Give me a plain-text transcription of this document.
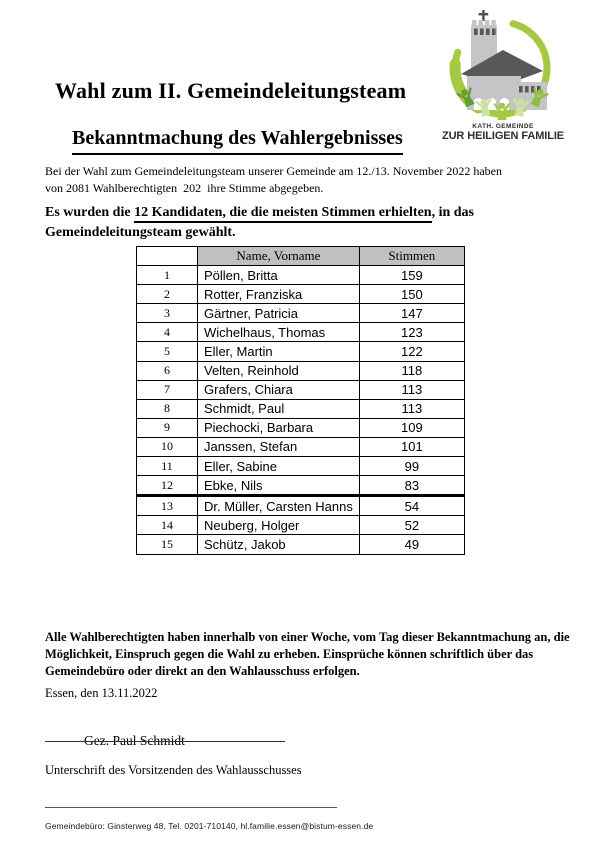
Wahl zum II. Gemeindeleitungsteam
Bekanntmachung des Wahlergebnisses
KATH. GEMEINDE
ZUR HEILIGEN FAMILIE

Bei der Wahl zum Gemeindeleitungsteam unserer Gemeinde am 12./13. November 2022 haben
von 2081 Wahlberechtigten  202  ihre Stimme abgegeben.

Es wurden die 12 Kandidaten, die die meisten Stimmen erhielten, in das
Gemeindeleitungsteam gewählt.

	Name, Vorname	Stimmen
1	Pöllen, Britta	159
2	Rotter, Franziska	150
3	Gärtner, Patricia	147
4	Wichelhaus, Thomas	123
5	Eller, Martin	122
6	Velten, Reinhold	118
7	Grafers, Chiara	113
8	Schmidt, Paul	113
9	Piechocki, Barbara	109
10	Janssen, Stefan	101
11	Eller, Sabine	99
12	Ebke, Nils	83
13	Dr. Müller, Carsten Hanns	54
14	Neuberg, Holger	52
15	Schütz, Jakob	49

Alle Wahlberechtigten haben innerhalb von einer Woche, vom Tag dieser Bekanntmachung an, die
Möglichkeit, Einspruch gegen die Wahl zu erheben. Einsprüche können schriftlich über das
Gemeindebüro oder direkt an den Wahlausschuss erfolgen.

Essen, den 13.11.2022

Gez. Paul Schmidt

Unterschrift des Vorsitzenden des Wahlausschusses

Gemeindebüro: Ginsterweg 48, Tel. 0201-710140, hl.familie.essen@bistum-essen.de
